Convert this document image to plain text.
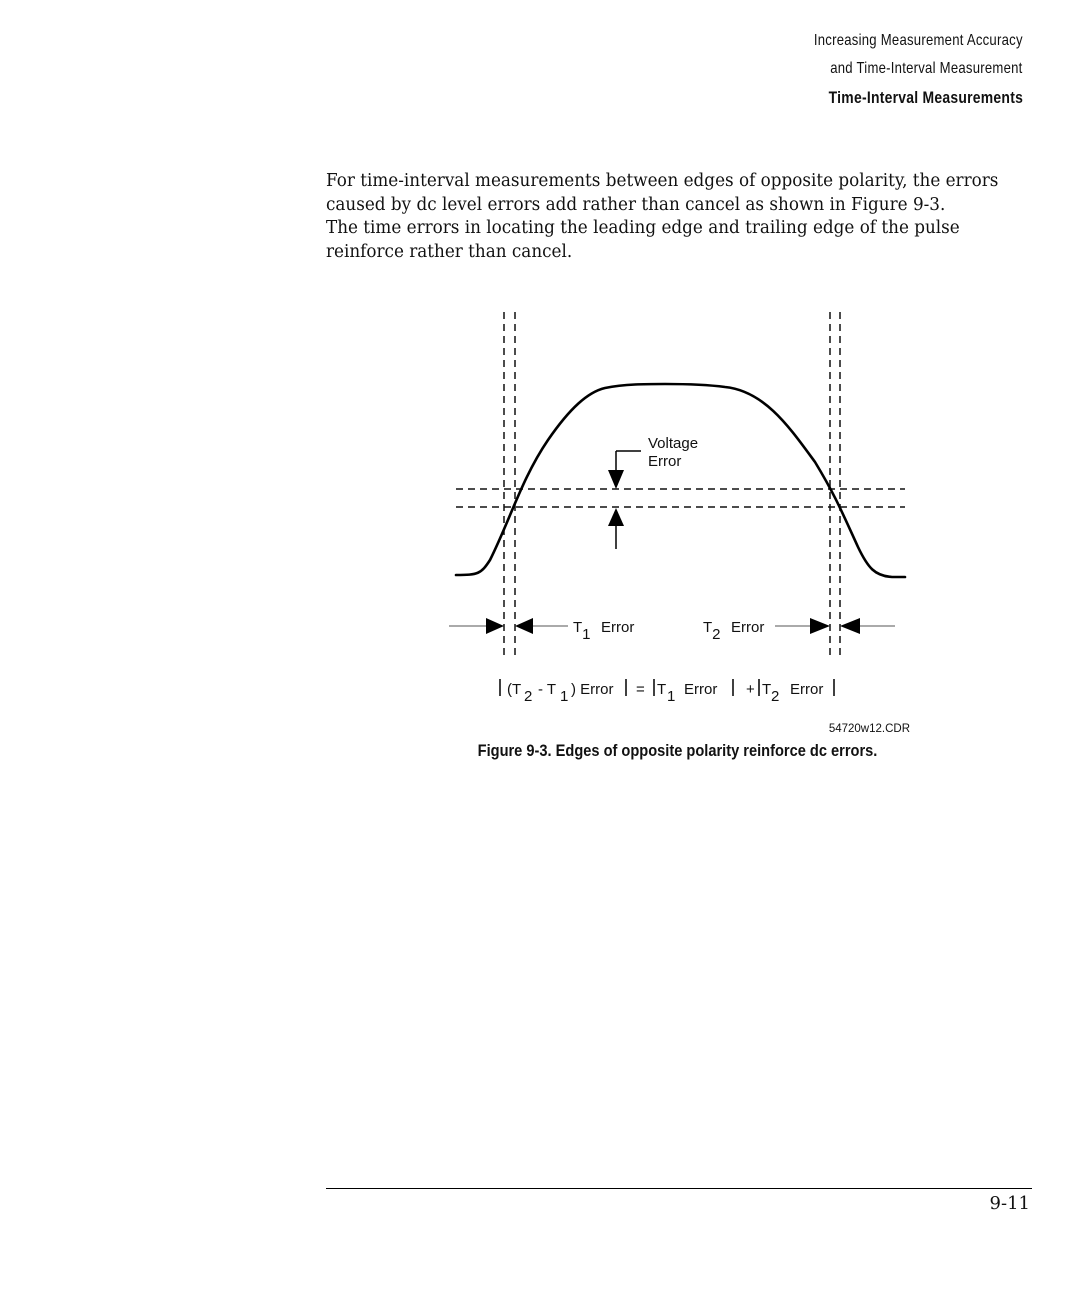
Increasing Measurement Accuracy
and Time-Interval Measurement
Time-Interval Measurements
For time-interval measurements between edges of opposite polarity, the errors
caused by dc level errors add rather than cancel as shown in Figure 9-3.
The time errors in locating the leading edge and trailing edge of the pulse
reinforce rather than cancel.
Voltage
Error
T1 Error	T2 Error
(T 2 - T 1 ) Error = T 1 Error + T 2 Error
54720w12.CDR
Figure 9-3. Edges of opposite polarity reinforce dc errors.
9-11
